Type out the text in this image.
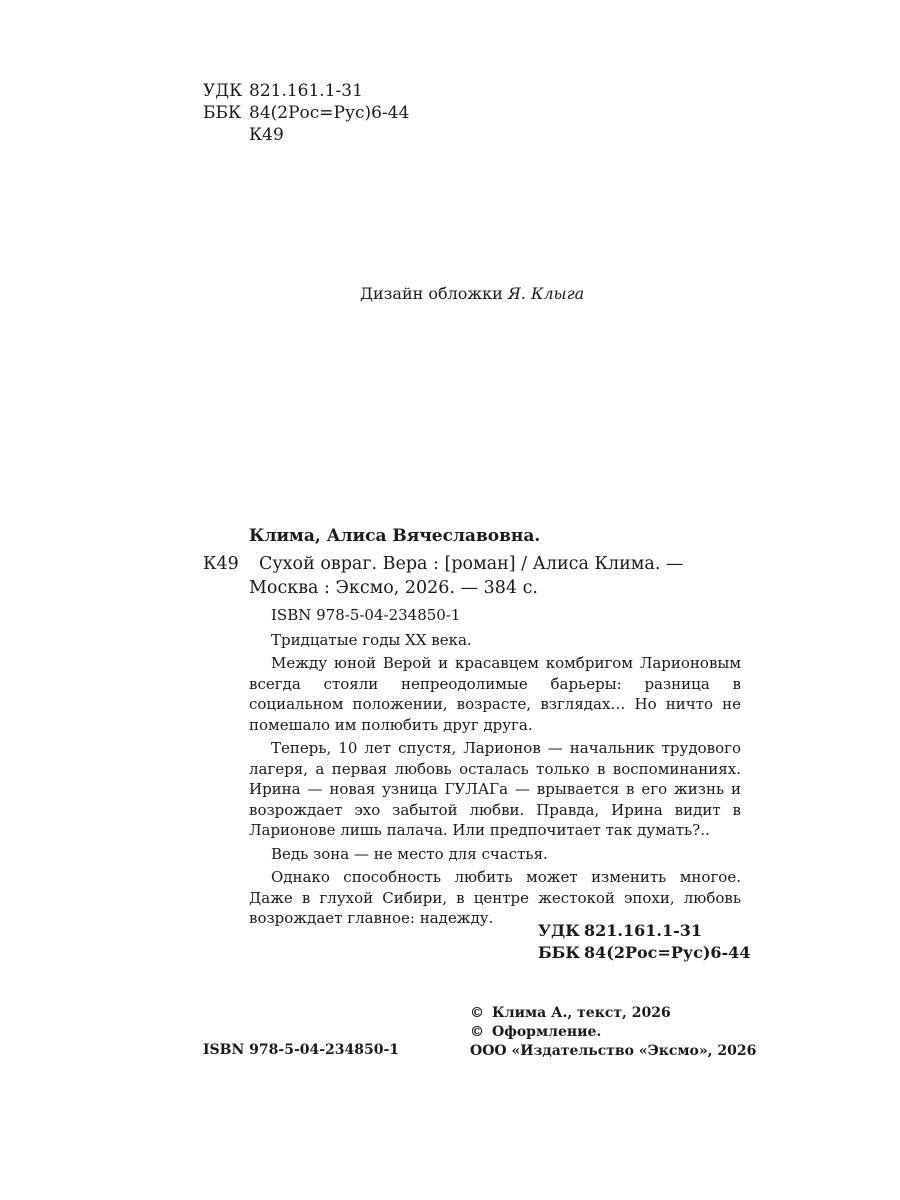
УДК 821.161.1-31
ББК 84(2Рос=Рус)6-44
К49
Дизайн обложки Я. Клыга
Клима, Алиса Вячеславовна.
К49 Сухой овраг. Вера : [роман] / Алиса Клима. —
Москва : Эксмо, 2026. — 384 с.
ISBN 978-5-04-234850-1

Тридцатые годы XX века.

Между юной Верой и красавцем комбригом Ларионовым всегда стояли непреодолимые барьеры: разница в социальном положении, возрасте, взглядах… Но ничто не помешало им полюбить друг друга.

Теперь, 10 лет спустя, Ларионов — начальник трудового лагеря, а первая любовь осталась только в воспоминаниях. Ирина — новая узница ГУЛАГа — врывается в его жизнь и возрождает эхо забытой любви. Правда, Ирина видит в Ларионове лишь палача. Или предпочитает так думать?..

Ведь зона — не место для счастья.

Однако способность любить может изменить многое. Даже в глухой Сибири, в центре жестокой эпохи, любовь возрождает главное: надежду.

УДК 821.161.1-31
ББК 84(2Рос=Рус)6-44
© Клима А., текст, 2026
© Оформление.
ООО «Издательство «Эксмо», 2026
ISBN 978-5-04-234850-1
